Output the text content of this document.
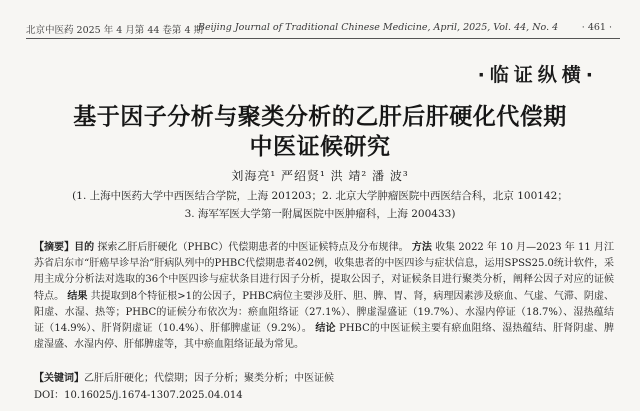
北京中医药 2025 年 4 月第 44 卷第 4 期
Beijing Journal of Traditional Chinese Medicine, April, 2025, Vol. 44, No. 4 · 461 ·
·临证纵横·
基于因子分析与聚类分析的乙肝后肝硬化代偿期
中医证候研究
刘海亮¹ 严绍贤¹ 洪 靖² 潘 波³
(1. 上海中医药大学中西医结合学院，上海 201203；2. 北京大学肿瘤医院中西医结合科，北京 100142；
3. 海军军医大学第一附属医院中医肿瘤科，上海 200433)
【摘要】目的 探索乙肝后肝硬化（PHBC）代偿期患者的中医证候特点及分布规律。 方法 收集 2022 年 10 月—2023 年 11 月江苏省启东市“肝癌早诊早治”肝病队列中的PHBC代偿期患者402例，收集患者的中医四诊与症状信息，运用SPSS25.0统计软件，采用主成分分析法对选取的36个中医四诊与症状条目进行因子分析，提取公因子，对证候条目进行聚类分析，阐释公因子对应的证候特点。 结果 共提取到8个特征根>1的公因子，PHBC病位主要涉及肝、胆、脾、胃、肾，病理因素涉及瘀血、气虚、气滞、阴虚、阳虚、水湿、热等；PHBC的证候分布依次为：瘀血阻络证（27.1%）、脾虚湿盛证（19.7%）、水湿内停证（18.7%）、湿热蕴结证（14.9%）、肝肾阴虚证（10.4%）、肝郁脾虚证（9.2%）。 结论 PHBC的中医证候主要有瘀血阻络、湿热蕴结、肝肾阴虚、脾虚湿盛、水湿内停、肝郁脾虚等，其中瘀血阻络证最为常见。
【关键词】乙肝后肝硬化；代偿期；因子分析；聚类分析；中医证候
DOI：10.16025/j.1674-1307.2025.04.014
